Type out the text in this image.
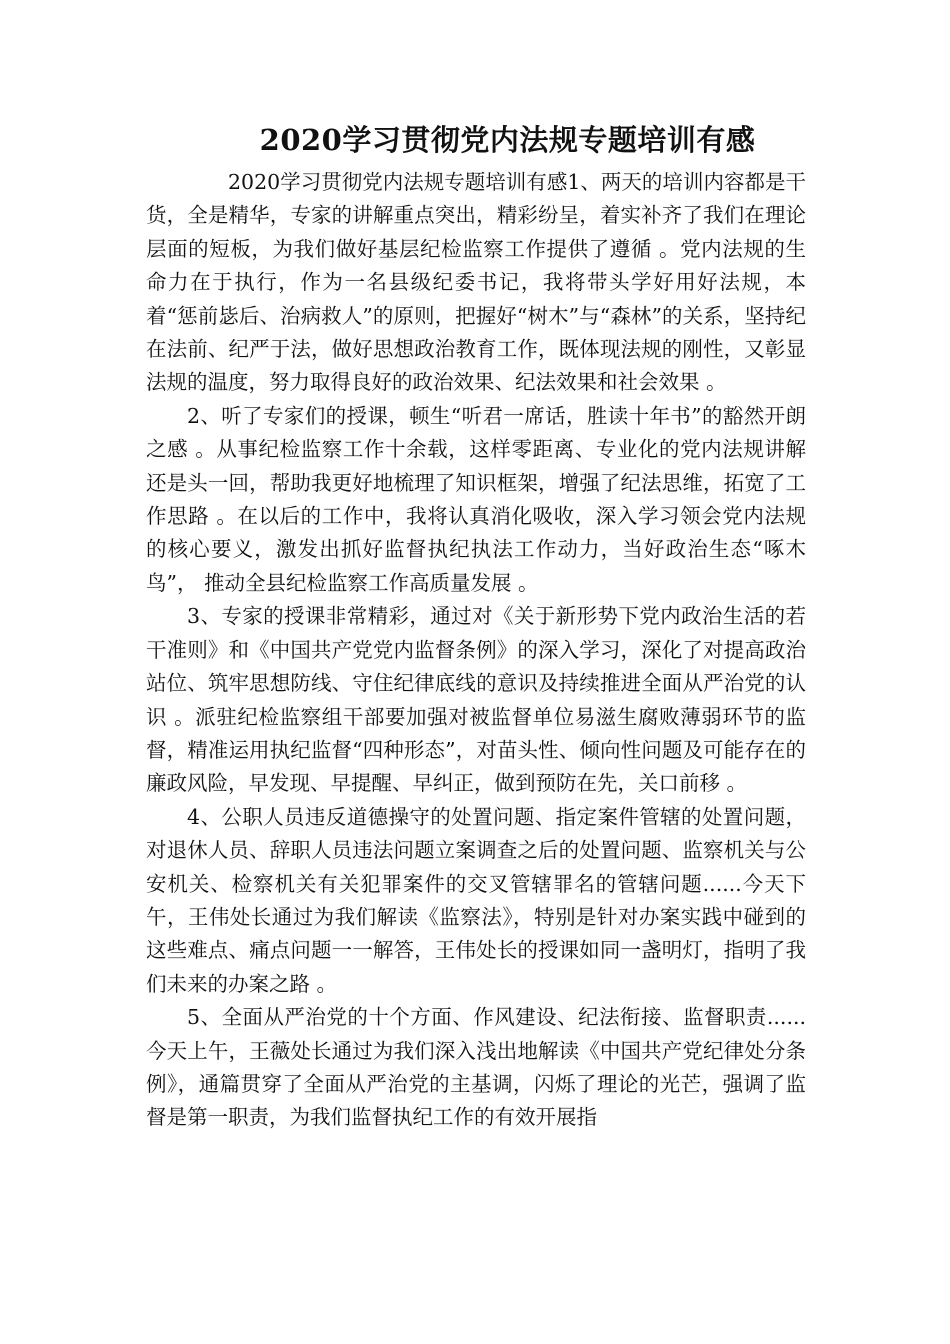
2020学习贯彻党内法规专题培训有感

2020学习贯彻党内法规专题培训有感1、两天的培训内容都是干货，全是精华，专家的讲解重点突出，精彩纷呈，着实补齐了我们在理论层面的短板，为我们做好基层纪检监察工作提供了遵循 。党内法规的生命力在于执行，作为一名县级纪委书记，我将带头学好用好法规，本着“惩前毖后、治病救人”的原则，把握好“树木”与“森林”的关系，坚持纪在法前、纪严于法，做好思想政治教育工作，既体现法规的刚性，又彰显法规的温度，努力取得良好的政治效果、纪法效果和社会效果 。

2、听了专家们的授课，顿生“听君一席话，胜读十年书”的豁然开朗之感 。从事纪检监察工作十余载，这样零距离、专业化的党内法规讲解还是头一回，帮助我更好地梳理了知识框架，增强了纪法思维，拓宽了工作思路 。在以后的工作中，我将认真消化吸收，深入学习领会党内法规的核心要义，激发出抓好监督执纪执法工作动力，当好政治生态“啄木鸟”， 推动全县纪检监察工作高质量发展 。

3、专家的授课非常精彩，通过对《关于新形势下党内政治生活的若干准则》和《中国共产党党内监督条例》的深入学习，深化了对提高政治站位、筑牢思想防线、守住纪律底线的意识及持续推进全面从严治党的认识 。派驻纪检监察组干部要加强对被监督单位易滋生腐败薄弱环节的监督，精准运用执纪监督“四种形态”，对苗头性、倾向性问题及可能存在的廉政风险，早发现、早提醒、早纠正，做到预防在先，关口前移 。

4、公职人员违反道德操守的处置问题、指定案件管辖的处置问题，对退休人员、辞职人员违法问题立案调查之后的处置问题、监察机关与公安机关、检察机关有关犯罪案件的交叉管辖罪名的管辖问题......今天下午，王伟处长通过为我们解读《监察法》，特别是针对办案实践中碰到的这些难点、痛点问题一一解答，王伟处长的授课如同一盏明灯，指明了我们未来的办案之路 。

5、全面从严治党的十个方面、作风建设、纪法衔接、监督职责......今天上午，王薇处长通过为我们深入浅出地解读《中国共产党纪律处分条例》，通篇贯穿了全面从严治党的主基调，闪烁了理论的光芒，强调了监督是第一职责，为我们监督执纪工作的有效开展指
